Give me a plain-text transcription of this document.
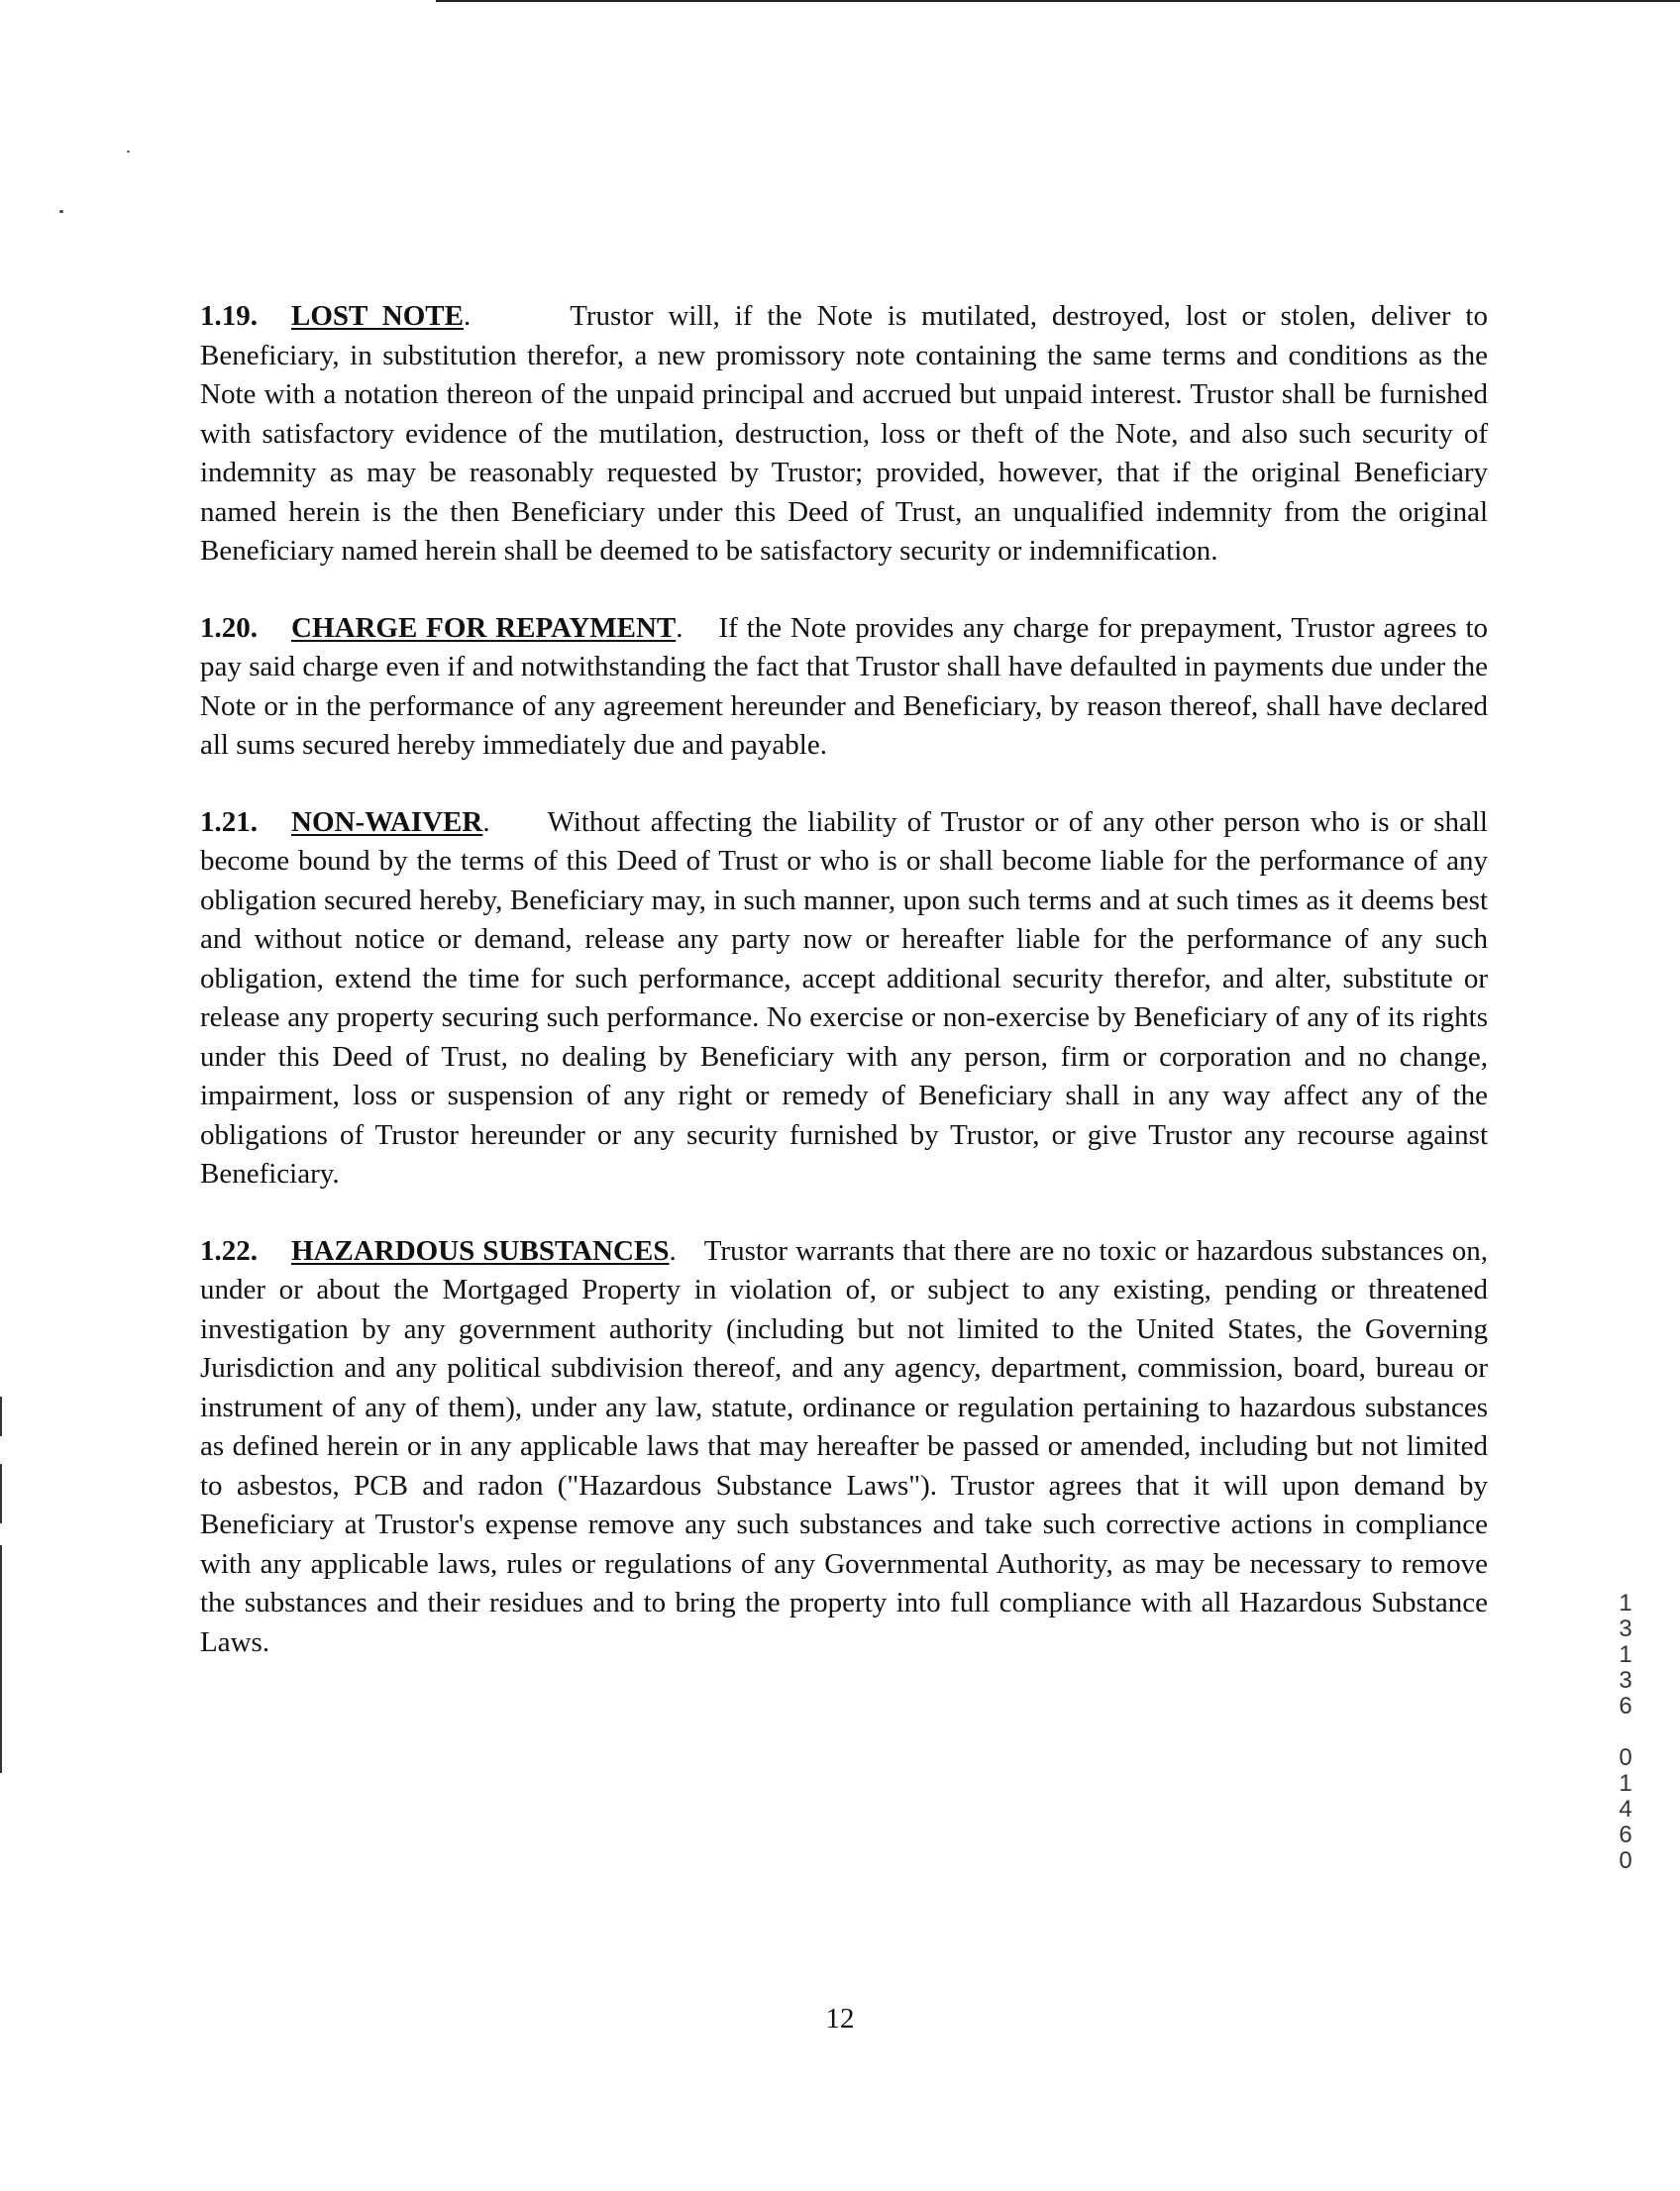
1.19. LOST NOTE.	Trustor will, if the Note is mutilated, destroyed, lost or stolen, deliver to Beneficiary, in substitution therefor, a new promissory note containing the same terms and conditions as the Note with a notation thereon of the unpaid principal and accrued but unpaid interest. Trustor shall be furnished with satisfactory evidence of the mutilation, destruction, loss or theft of the Note, and also such security of indemnity as may be reasonably requested by Trustor; provided, however, that if the original Beneficiary named herein is the then Beneficiary under this Deed of Trust, an unqualified indemnity from the original Beneficiary named herein shall be deemed to be satisfactory security or indemnification.

1.20. CHARGE FOR REPAYMENT. If the Note provides any charge for prepayment, Trustor agrees to pay said charge even if and notwithstanding the fact that Trustor shall have defaulted in payments due under the Note or in the performance of any agreement hereunder and Beneficiary, by reason thereof, shall have declared all sums secured hereby immediately due and payable.

1.21. NON-WAIVER. Without affecting the liability of Trustor or of any other person who is or shall become bound by the terms of this Deed of Trust or who is or shall become liable for the performance of any obligation secured hereby, Beneficiary may, in such manner, upon such terms and at such times as it deems best and without notice or demand, release any party now or hereafter liable for the performance of any such obligation, extend the time for such performance, accept additional security therefor, and alter, substitute or release any property securing such performance. No exercise or non-exercise by Beneficiary of any of its rights under this Deed of Trust, no dealing by Beneficiary with any person, firm or corporation and no change, impairment, loss or suspension of any right or remedy of Beneficiary shall in any way affect any of the obligations of Trustor hereunder or any security furnished by Trustor, or give Trustor any recourse against Beneficiary.

1.22. HAZARDOUS SUBSTANCES. Trustor warrants that there are no toxic or hazardous substances on, under or about the Mortgaged Property in violation of, or subject to any existing, pending or threatened investigation by any government authority (including but not limited to the United States, the Governing Jurisdiction and any political subdivision thereof, and any agency, department, commission, board, bureau or instrument of any of them), under any law, statute, ordinance or regulation pertaining to hazardous substances as defined herein or in any applicable laws that may hereafter be passed or amended, including but not limited to asbestos, PCB and radon ("Hazardous Substance Laws"). Trustor agrees that it will upon demand by Beneficiary at Trustor's expense remove any such substances and take such corrective actions in compliance with any applicable laws, rules or regulations of any Governmental Authority, as may be necessary to remove the substances and their residues and to bring the property into full compliance with all Hazardous Substance Laws.

1
3
1
3
6
0
1
4
6
0
12
